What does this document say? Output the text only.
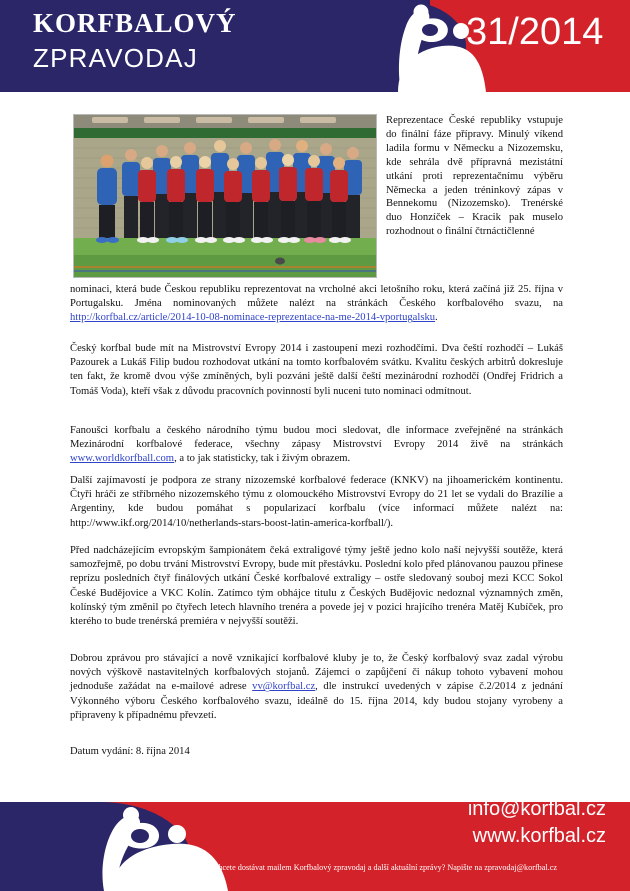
KORFBALOVÝ
ZPRAVODAJ
31/2014
Reprezentace České republiky vstupuje do finální fáze přípravy. Minulý víkend ladila formu v Německu a Nizozemsku, kde sehrála dvě přípravná mezistátní utkání proti reprezentačnímu výběru Německa a jeden tréninkový zápas v Bennekomu (Nizozemsko). Trenérské duo Honzíček – Kracik pak muselo rozhodnout o finální čtrnáctičlenné
nominaci, která bude Českou republiku reprezentovat na vrcholné akci letošního roku, která začíná již 25. října v Portugalsku. Jména nominovaných můžete nalézt na stránkách Českého korfbalového svazu, na http://korfbal.cz/article/2014-10-08-nominace-reprezentace-na-me-2014-vportugalsku.
Český korfbal bude mít na Mistrovství Evropy 2014 i zastoupení mezi rozhodčími. Dva čeští rozhodčí – Lukáš Pazourek a Lukáš Filip budou rozhodovat utkání na tomto korfbalovém svátku. Kvalitu českých arbitrů dokresluje ten fakt, že kromě dvou výše zmíněných, byli pozváni ještě další čeští mezinárodní rozhodčí (Ondřej Fridrich a Tomáš Voda), kteří však z důvodu pracovních povinností byli nuceni tuto nominaci odmítnout.
Fanoušci korfbalu a českého národního týmu budou moci sledovat, dle informace zveřejněné na stránkách Mezinárodní korfbalové federace, všechny zápasy Mistrovství Evropy 2014 živě na stránkách www.worldkorfball.com, a to jak statisticky, tak i živým obrazem.
Další zajímavostí je podpora ze strany nizozemské korfbalové federace (KNKV) na jihoamerickém kontinentu. Čtyři hráči ze stříbrného nizozemského týmu z olomouckého Mistrovství Evropy do 21 let se vydali do Brazílie a Argentiny, kde budou pomáhat s popularizací korfbalu (více informací můžete nalézt na: http://www.ikf.org/2014/10/netherlands-stars-boost-latin-america-korfball/).
Před nadcházejícím evropským šampionátem čeká extraligové týmy ještě jedno kolo naší nejvyšší soutěže, která samozřejmě, po dobu trvání Mistrovství Evropy, bude mít přestávku. Poslední kolo před plánovanou pauzou přinese reprízu posledních čtyř finálových utkání České korfbalové extraligy – ostře sledovaný souboj mezi KCC Sokol České Budějovice a VKC Kolín. Zatímco tým obhájce titulu z Českých Budějovic nedoznal významných změn, kolínský tým změnil po čtyřech letech hlavního trenéra a povede jej v pozici hrajícího trenéra Matěj Kubíček, pro kterého to bude trenérská premiéra v nejvyšší soutěži.
Dobrou zprávou pro stávající a nově vznikající korfbalové kluby je to, že Český korfbalový svaz zadal výrobu nových výškově nastavitelných korfbalových stojanů. Zájemci o zapůjčení či nákup tohoto vybavení mohou jednoduše zažádat na e-mailové adrese vv@korfbal.cz, dle instrukcí uvedených v zápise č.2/2014 z jednání Výkonného výboru Českého korfbalového svazu, ideálně do 15. října 2014, kdy budou stojany vyrobeny a připraveny k případnému převzetí.
Datum vydání: 8. října 2014
info@korfbal.cz
www.korfbal.cz
Chcete dostávat mailem Korfbalový zpravodaj a další aktuální zprávy? Napište na zpravodaj@korfbal.cz
